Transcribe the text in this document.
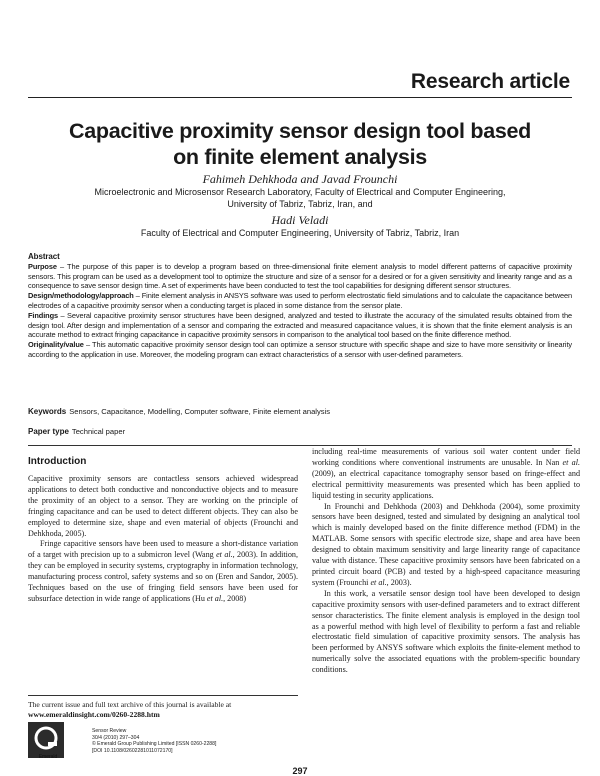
Research article
Capacitive proximity sensor design tool based
on finite element analysis
Fahimeh Dehkhoda and Javad Frounchi
Microelectronic and Microsensor Research Laboratory, Faculty of Electrical and Computer Engineering,
University of Tabriz, Tabriz, Iran, and
Hadi Veladi
Faculty of Electrical and Computer Engineering, University of Tabriz, Tabriz, Iran
Abstract

Purpose – The purpose of this paper is to develop a program based on three-dimensional finite element analysis to model different patterns of capacitive proximity sensors. This program can be used as a development tool to optimize the structure and size of a sensor for a desired or for a given sensitivity and linearity range and as a consequence to save sensor design time. A set of experiments have been conducted to test the tool capabilities for designing different sensor structures.

Design/methodology/approach – Finite element analysis in ANSYS software was used to perform electrostatic field simulations and to calculate the capacitance between electrodes of a capacitive proximity sensor when a conducting target is placed in some distance from the sensor plate.

Findings – Several capacitive proximity sensor structures have been designed, analyzed and tested to illustrate the accuracy of the simulated results obtained from the design tool. After design and implementation of a sensor and comparing the extracted and measured capacitance values, it is shown that the finite element analysis is an accurate method to extract fringing capacitance in capacitive proximity sensors in comparison to the analytical tool based on the finite difference method.

Originality/value – This automatic capacitive proximity sensor design tool can optimize a sensor structure with specific shape and size to have more sensitivity or linearity according to the application in use. Moreover, the modeling program can extract characteristics of a sensor with user-defined parameters.

Keywords Sensors, Capacitance, Modelling, Computer software, Finite element analysis
Paper type Technical paper
Introduction

Capacitive proximity sensors are contactless sensors achieved widespread applications to detect both conductive and nonconductive objects and to measure the proximity of an object to a sensor. They are working on the principle of fringing capacitance and can be used to detect different objects. They can also be employed to determine size, shape and even material of objects (Frounchi and Dehkhoda, 2005).

Fringe capacitive sensors have been used to measure a short-distance variation of a target with precision up to a submicron level (Wang et al., 2003). In addition, they can be employed in security systems, cryptography in information technology, manufacturing process control, safety systems and so on (Eren and Sandor, 2005). Techniques based on the use of fringing field sensors have been used for subsurface detection in wide range of applications (Hu et al., 2008)

including real-time measurements of various soil water content under field working conditions where conventional instruments are unusable. In Nan et al. (2009), an electrical capacitance tomography sensor based on fringe-effect and electrical permittivity measurements was presented which has been applied to liquid testing in security applications.

In Frounchi and Dehkhoda (2003) and Dehkhoda (2004), some proximity sensors have been designed, tested and simulated by designing an analytical tool which is mainly developed based on the finite difference method (FDM) in the MATLAB. Some sensors with specific electrode size, shape and area have been designed to obtain maximum sensitivity and large linearity range of capacitance value with distance. These capacitive proximity sensors have been fabricated on a printed circuit board (PCB) and tested by a high-speed capacitance measuring system (Frounchi et al., 2003).

In this work, a versatile sensor design tool have been developed to design capacitive proximity sensors with user-defined parameters and to extract different sensor characteristics. The finite element analysis is employed in the design tool as a powerful method with high level of flexibility to perform a fast and reliable electrostatic field simulation of capacitive proximity sensors. The analysis has been performed by ANSYS software which exploits the finite-element method to numerically solve the associated equations with the problem-specific boundary conditions.

The current issue and full text archive of this journal is available at
www.emeraldinsight.com/0260-2288.htm
Emerald
Sensor Review
30/4 (2010) 297–304
© Emerald Group Publishing Limited [ISSN 0260-2288]
[DOI 10.1108/02602281011072170]
297
